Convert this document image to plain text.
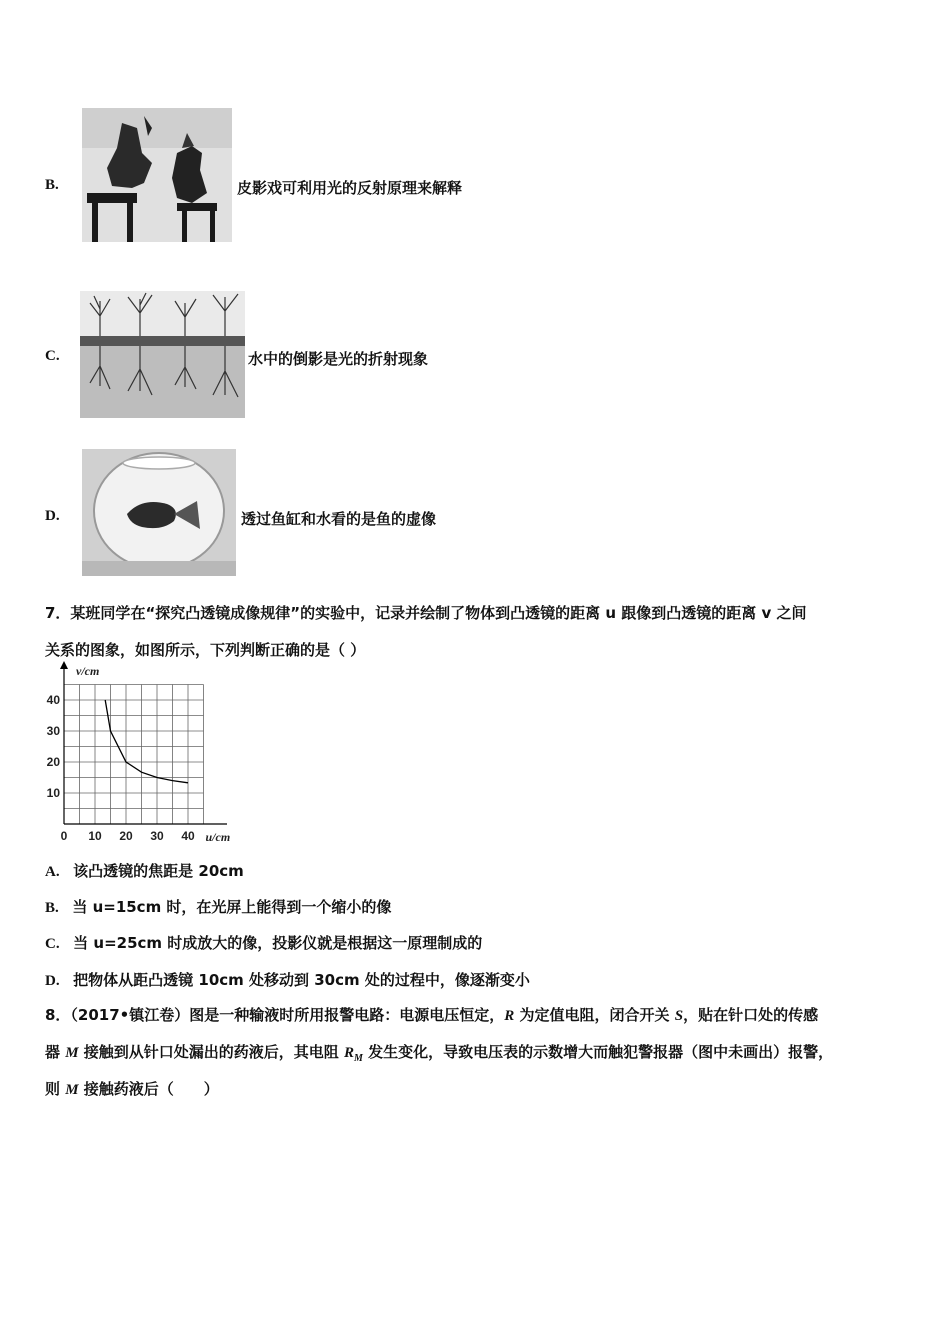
B.	皮影戏可利用光的反射原理来解释
C.	水中的倒影是光的折射现象
D.	透过鱼缸和水看的是鱼的虚像
7．某班同学在“探究凸透镜成像规律”的实验中，记录并绘制了物体到凸透镜的距离 u 跟像到凸透镜的距离 v 之间
关系的图象，如图所示，下列判断正确的是（ ）
0 10 20 30 40
10
20
30
40
u/cm
v/cm
A. 该凸透镜的焦距是 20cm
B. 当 u=15cm 时，在光屏上能得到一个缩小的像
C. 当 u=25cm 时成放大的像，投影仪就是根据这一原理制成的
D. 把物体从距凸透镜 10cm 处移动到 30cm 处的过程中，像逐渐变小
8．（2017•镇江卷）图是一种输液时所用报警电路：电源电压恒定，R 为定值电阻，闭合开关 S，贴在针口处的传感
器 M 接触到从针口处漏出的药液后，其电阻 $R_M$ 发生变化，导致电压表的示数增大而触犯警报器（图中未画出）报警，
则 M 接触药液后（　　）
